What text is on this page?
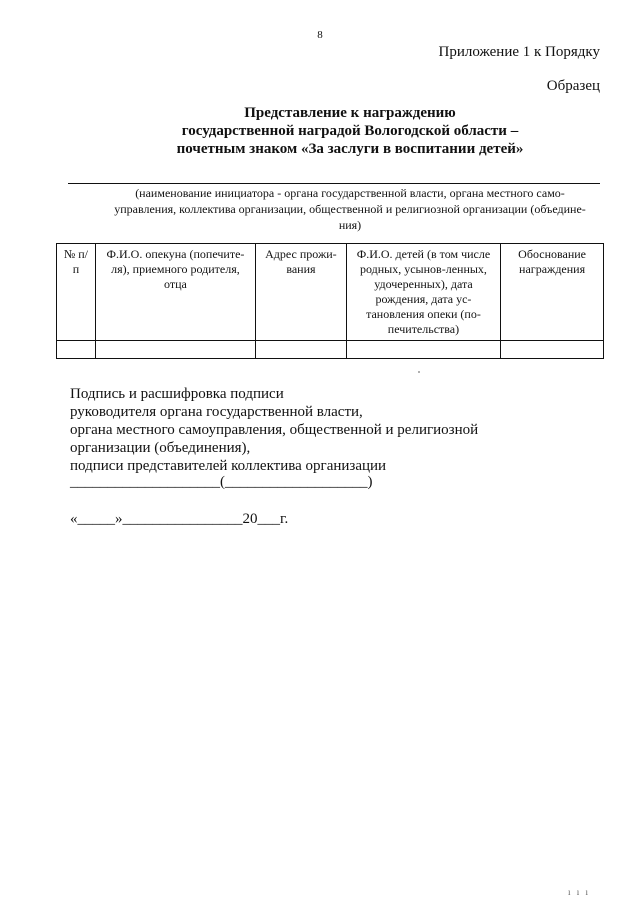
8
Приложение 1 к Порядку
Образец
Представление к награждению
государственной наградой Вологодской области –
почетным знаком «За заслуги в воспитании детей»
(наименование инициатора - органа государственной власти, органа местного само-
управления, коллектива организации, общественной и религиозной организации (объедине-
ния)
№ п/п	Ф.И.О. опекуна (попечите-ля), приемного родителя, отца	Адрес прожи-вания	Ф.И.О. детей (в том числе родных, усынов-ленных, удочеренных), дата рождения, дата ус-тановления опеки (по-печительства)	Обоснование награждения

Подпись и расшифровка подписи
руководителя органа государственной власти,
органа местного самоуправления, общественной и религиозной
организации (объединения),
подписи представителей коллектива организации
____________________(___________________)
«_____»________________20___г.
ı ı ı
